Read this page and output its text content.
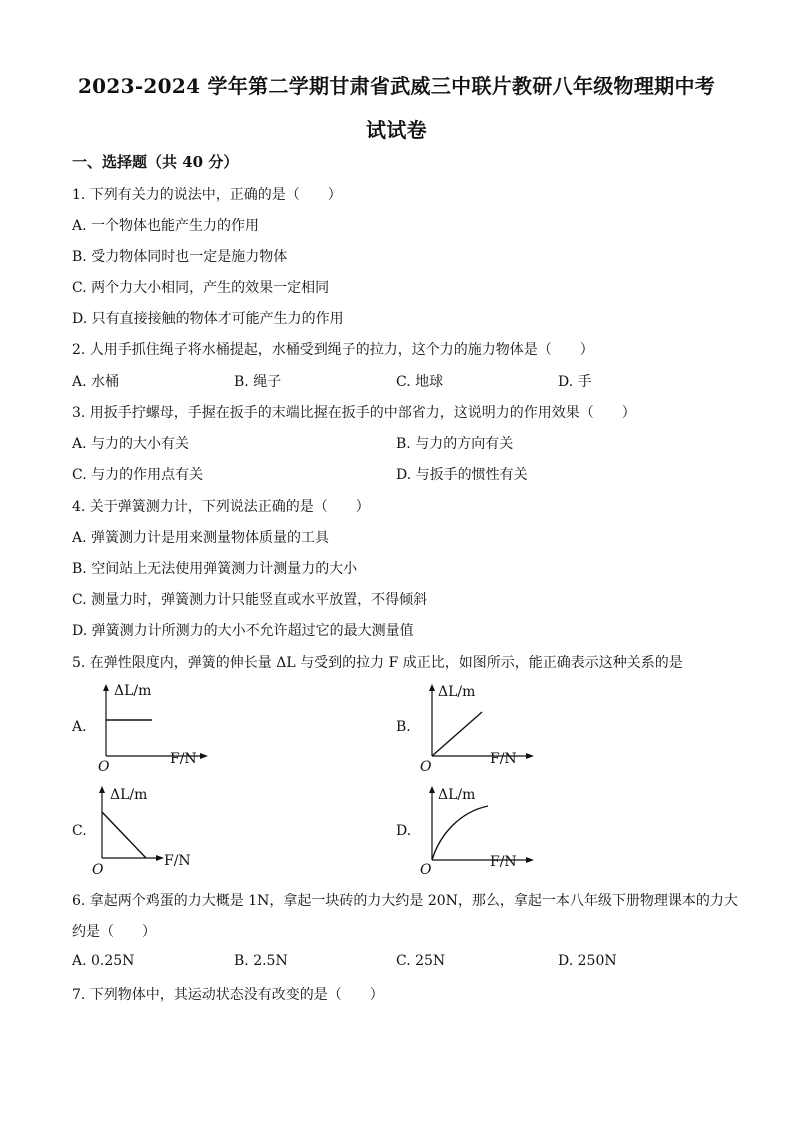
2023-2024 学年第二学期甘肃省武威三中联片教研八年级物理期中考
试试卷
一、选择题（共 40 分）
1. 下列有关力的说法中，正确的是（　　）
A. 一个物体也能产生力的作用
B. 受力物体同时也一定是施力物体
C. 两个力大小相同，产生的效果一定相同
D. 只有直接接触的物体才可能产生力的作用
2. 人用手抓住绳子将水桶提起，水桶受到绳子的拉力，这个力的施力物体是（　　）
A. 水桶	B. 绳子	C. 地球	D. 手
3. 用扳手拧螺母，手握在扳手的末端比握在扳手的中部省力，这说明力的作用效果（　　）
A. 与力的大小有关	B. 与力的方向有关
C. 与力的作用点有关	D. 与扳手的惯性有关
4. 关于弹簧测力计，下列说法正确的是（　　）
A. 弹簧测力计是用来测量物体质量的工具
B. 空间站上无法使用弹簧测力计测量力的大小
C. 测量力时，弹簧测力计只能竖直或水平放置，不得倾斜
D. 弹簧测力计所测力的大小不允许超过它的最大测量值
5. 在弹性限度内，弹簧的伸长量 ΔL 与受到的拉力 F 成正比，如图所示，能正确表示这种关系的是
A.
ΔL/m
O	F/N
B.
ΔL/m
O	F/N
C.
ΔL/m
O
F/N
D.
ΔL/m
O	F/N
6. 拿起两个鸡蛋的力大概是 1N，拿起一块砖的力大约是 20N，那么，拿起一本八年级下册物理课本的力大
约是（　　）
A. 0.25N	B. 2.5N	C. 25N	D. 250N
7. 下列物体中，其运动状态没有改变的是（　　）
